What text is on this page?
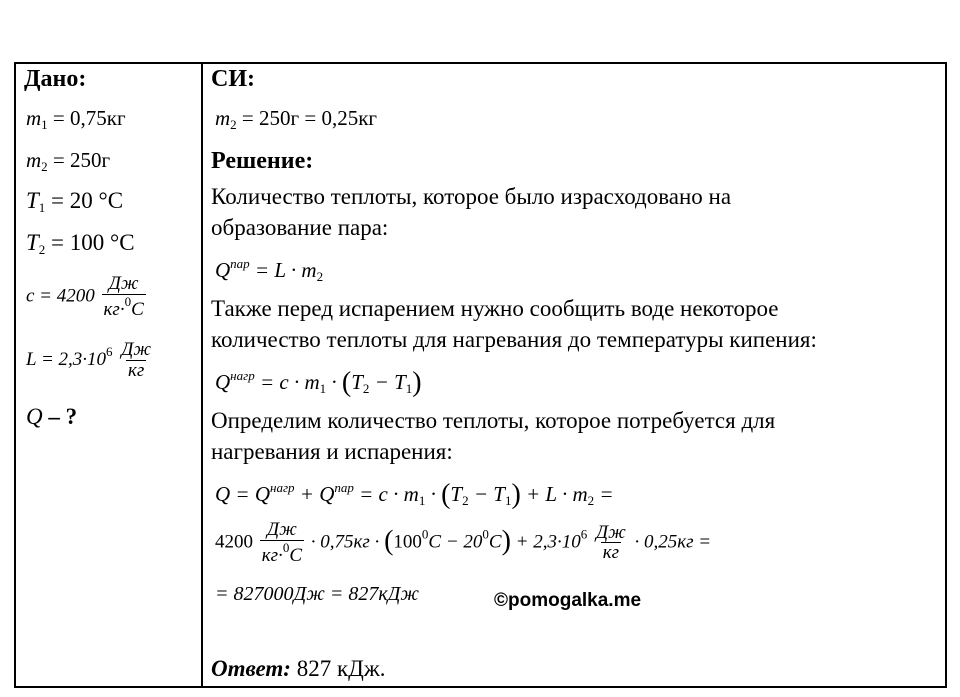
Дано:
$m_1 = 0,75кг$
$m_2 = 250г$
$T_1 = 20$ °C
$T_2 = 100$ °C
$c = 4200 \frac{Дж}{кг\cdot^0C}$
$L = 2,3\cdot 10^6 \frac{Дж}{кг}$
Q – ?
СИ:
$m_2 = 250г = 0,25кг$
Решение:
Количество теплоты, которое было израсходовано на
образование пара:
$Q^{пар} = L \cdot m_2$
Также перед испарением нужно сообщить воде некоторое
количество теплоты для нагревания до температуры кипения:
$Q^{нагр} = c \cdot m_1 \cdot (T_2 - T_1)$
Определим количество теплоты, которое потребуется для
нагревания и испарения:
$Q = Q^{нагр} + Q^{пар} = c \cdot m_1 \cdot (T_2 - T_1) + L \cdot m_2$ =
$4200 \frac{Дж}{кг\cdot^0C} \cdot 0,75кг \cdot (100^0C - 20^0C) + 2,3\cdot 10^6 \frac{Дж}{кг} \cdot 0,25кг$ =
= 827000Дж = 827кДж	©pomogalka.me
Ответ: 827 кДж.
